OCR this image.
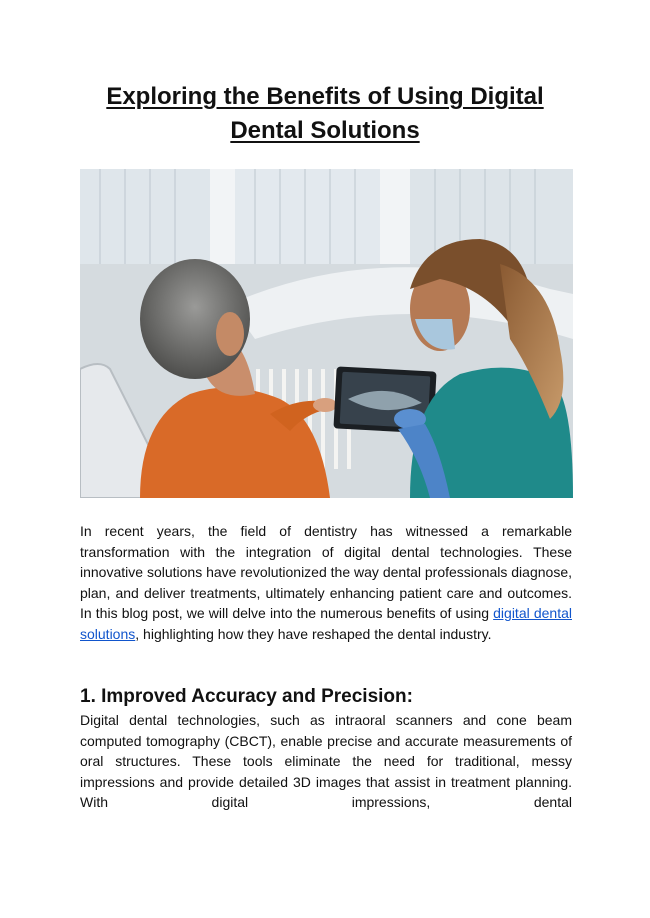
Exploring the Benefits of Using Digital
Dental Solutions

In recent years, the field of dentistry has witnessed a remarkable transformation with the integration of digital dental technologies. These innovative solutions have revolutionized the way dental professionals diagnose, plan, and deliver treatments, ultimately enhancing patient care and outcomes. In this blog post, we will delve into the numerous benefits of using digital dental solutions, highlighting how they have reshaped the dental industry.

1. Improved Accuracy and Precision:

Digital dental technologies, such as intraoral scanners and cone beam computed tomography (CBCT), enable precise and accurate measurements of oral structures. These tools eliminate the need for traditional, messy impressions and provide detailed 3D images that assist in treatment planning. With digital impressions, dental
